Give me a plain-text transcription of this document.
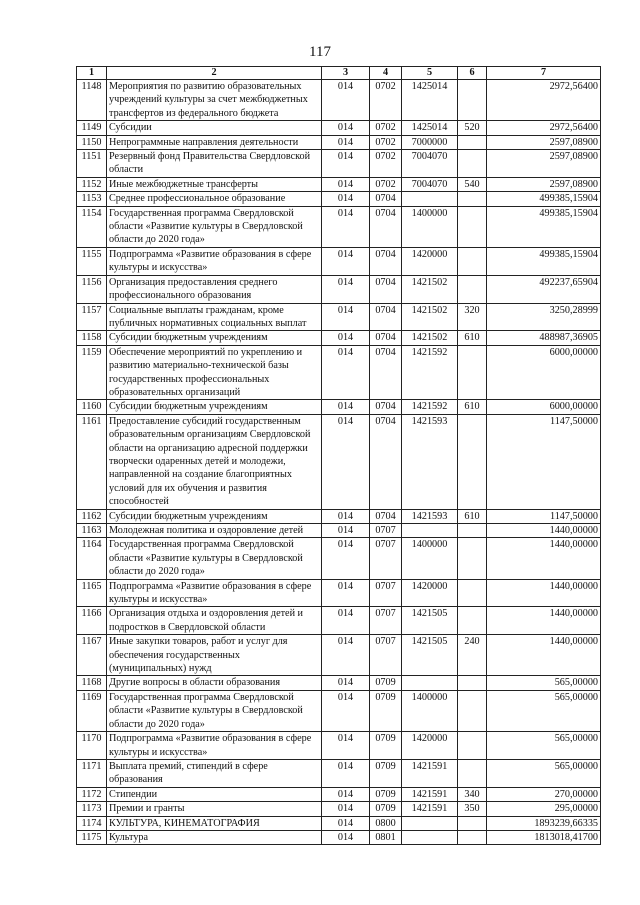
117
1	2	3	4	5	6	7
1148	Мероприятия по развитию образовательных учреждений культуры за счет межбюджетных трансфертов из федерального бюджета	014	0702	1425014		2972,56400
1149	Субсидии	014	0702	1425014	520	2972,56400
1150	Непрограммные направления деятельности	014	0702	7000000		2597,08900
1151	Резервный фонд Правительства Свердловской области	014	0702	7004070		2597,08900
1152	Иные межбюджетные трансферты	014	0702	7004070	540	2597,08900
1153	Среднее профессиональное образование	014	0704			499385,15904
1154	Государственная программа Свердловской области «Развитие культуры в Свердловской области до 2020 года»	014	0704	1400000		499385,15904
1155	Подпрограмма «Развитие образования в сфере культуры и искусства»	014	0704	1420000		499385,15904
1156	Организация предоставления среднего профессионального образования	014	0704	1421502		492237,65904
1157	Социальные выплаты гражданам, кроме публичных нормативных социальных выплат	014	0704	1421502	320	3250,28999
1158	Субсидии бюджетным учреждениям	014	0704	1421502	610	488987,36905
1159	Обеспечение мероприятий по укреплению и развитию материально-технической базы государственных профессиональных образовательных организаций	014	0704	1421592		6000,00000
1160	Субсидии бюджетным учреждениям	014	0704	1421592	610	6000,00000
1161	Предоставление субсидий государственным образовательным организациям Свердловской области на организацию адресной поддержки творчески одаренных детей и молодежи, направленной на создание благоприятных условий для их обучения и развития способностей	014	0704	1421593		1147,50000
1162	Субсидии бюджетным учреждениям	014	0704	1421593	610	1147,50000
1163	Молодежная политика и оздоровление детей	014	0707			1440,00000
1164	Государственная программа Свердловской области «Развитие культуры в Свердловской области до 2020 года»	014	0707	1400000		1440,00000
1165	Подпрограмма «Развитие образования в сфере культуры и искусства»	014	0707	1420000		1440,00000
1166	Организация отдыха и оздоровления детей и подростков в Свердловской области	014	0707	1421505		1440,00000
1167	Иные закупки товаров, работ и услуг для обеспечения государственных (муниципальных) нужд	014	0707	1421505	240	1440,00000
1168	Другие вопросы в области образования	014	0709			565,00000
1169	Государственная программа Свердловской области «Развитие культуры в Свердловской области до 2020 года»	014	0709	1400000		565,00000
1170	Подпрограмма «Развитие образования в сфере культуры и искусства»	014	0709	1420000		565,00000
1171	Выплата премий, стипендий в сфере образования	014	0709	1421591		565,00000
1172	Стипендии	014	0709	1421591	340	270,00000
1173	Премии и гранты	014	0709	1421591	350	295,00000
1174	КУЛЬТУРА, КИНЕМАТОГРАФИЯ	014	0800			1893239,66335
1175	Культура	014	0801			1813018,41700
